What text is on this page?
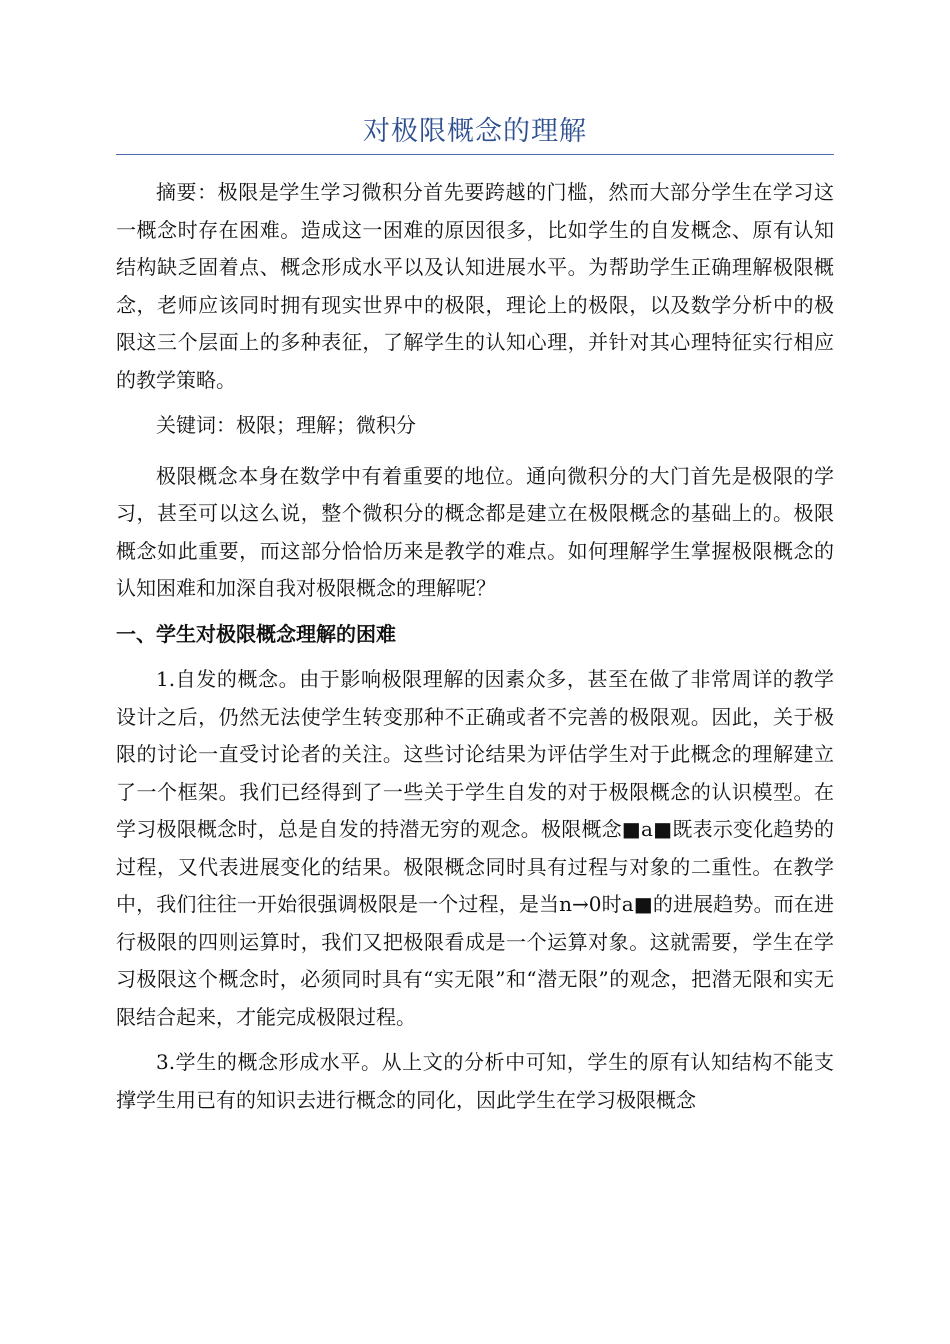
对极限概念的理解

摘要：极限是学生学习微积分首先要跨越的门槛，然而大部分学生在学习这一概念时存在困难。造成这一困难的原因很多，比如学生的自发概念、原有认知结构缺乏固着点、概念形成水平以及认知进展水平。为帮助学生正确理解极限概念，老师应该同时拥有现实世界中的极限，理论上的极限，以及数学分析中的极限这三个层面上的多种表征，了解学生的认知心理，并针对其心理特征实行相应的教学策略。

关键词：极限；理解；微积分

极限概念本身在数学中有着重要的地位。通向微积分的大门首先是极限的学习，甚至可以这么说，整个微积分的概念都是建立在极限概念的基础上的。极限概念如此重要，而这部分恰恰历来是教学的难点。如何理解学生掌握极限概念的认知困难和加深自我对极限概念的理解呢？

一、学生对极限概念理解的困难

1.自发的概念。由于影响极限理解的因素众多，甚至在做了非常周详的教学设计之后，仍然无法使学生转变那种不正确或者不完善的极限观。因此，关于极限的讨论一直受讨论者的关注。这些讨论结果为评估学生对于此概念的理解建立了一个框架。我们已经得到了一些关于学生自发的对于极限概念的认识模型。在学习极限概念时，总是自发的持潜无穷的观念。极限概念■a■既表示变化趋势的过程，又代表进展变化的结果。极限概念同时具有过程与对象的二重性。在教学中，我们往往一开始很强调极限是一个过程，是当n→0时a■的进展趋势。而在进行极限的四则运算时，我们又把极限看成是一个运算对象。这就需要，学生在学习极限这个概念时，必须同时具有“实无限”和“潜无限”的观念，把潜无限和实无限结合起来，才能完成极限过程。

3.学生的概念形成水平。从上文的分析中可知，学生的原有认知结构不能支撑学生用已有的知识去进行概念的同化，因此学生在学习极限概念
